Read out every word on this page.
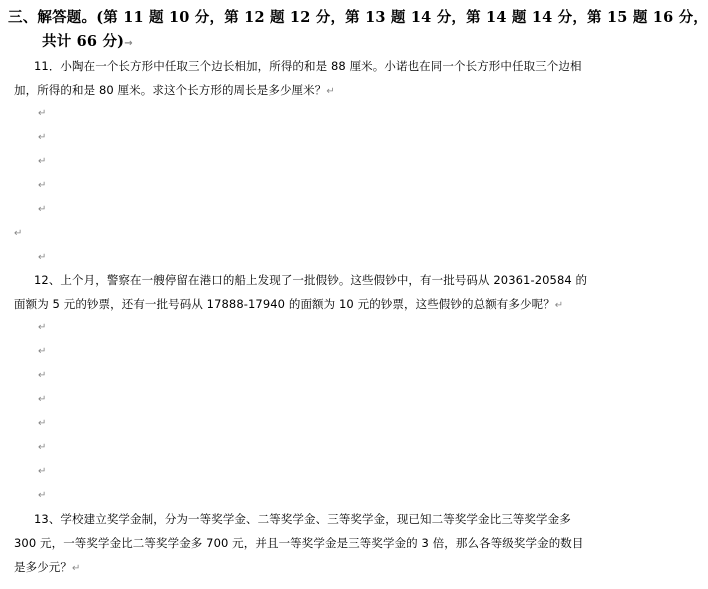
三、解答题。(第 11 题 10 分，第 12 题 12 分，第 13 题 14 分，第 14 题 14 分，第 15 题 16 分，
共计 66 分)→
11．小陶在一个长方形中任取三个边长相加，所得的和是 88 厘米。小诺也在同一个长方形中任取三个边相
加，所得的和是 80 厘米。求这个长方形的周长是多少厘米？↵
↵
↵
↵
↵
↵
↵
↵
12、上个月，警察在一艘停留在港口的船上发现了一批假钞。这些假钞中，有一批号码从 20361-20584 的
面额为 5 元的钞票，还有一批号码从 17888-17940 的面额为 10 元的钞票，这些假钞的总额有多少呢？↵
↵
↵
↵
↵
↵
↵
↵
↵
13、学校建立奖学金制，分为一等奖学金、二等奖学金、三等奖学金，现已知二等奖学金比三等奖学金多
300 元，一等奖学金比二等奖学金多 700 元，并且一等奖学金是三等奖学金的 3 倍，那么各等级奖学金的数目
是多少元？↵
